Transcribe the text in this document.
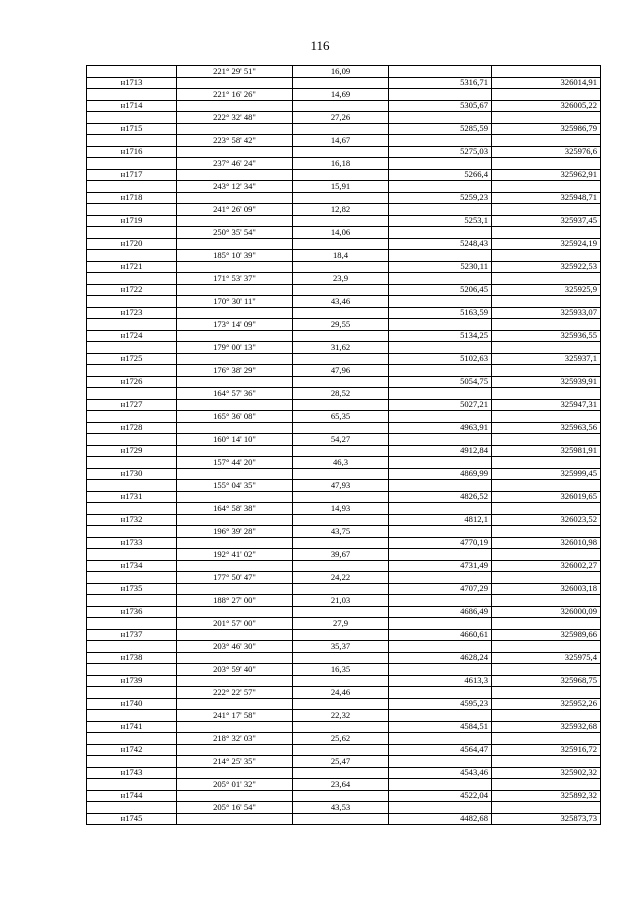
116
	221° 29' 51"	16,09		
н1713			5316,71	326014,91
	221° 16' 26"	14,69		
н1714			5305,67	326005,22
	222° 32' 48"	27,26		
н1715			5285,59	325986,79
	223° 58' 42"	14,67		
н1716			5275,03	325976,6
	237° 46' 24"	16,18		
н1717			5266,4	325962,91
	243° 12' 34"	15,91		
н1718			5259,23	325948,71
	241° 26' 09"	12,82		
н1719			5253,1	325937,45
	250° 35' 54"	14,06		
н1720			5248,43	325924,19
	185° 10' 39"	18,4		
н1721			5230,11	325922,53
	171° 53' 37"	23,9		
н1722			5206,45	325925,9
	170° 30' 11"	43,46		
н1723			5163,59	325933,07
	173° 14' 09"	29,55		
н1724			5134,25	325936,55
	179° 00' 13"	31,62		
н1725			5102,63	325937,1
	176° 38' 29"	47,96		
н1726			5054,75	325939,91
	164° 57' 36"	28,52		
н1727			5027,21	325947,31
	165° 36' 08"	65,35		
н1728			4963,91	325963,56
	160° 14' 10"	54,27		
н1729			4912,84	325981,91
	157° 44' 20"	46,3		
н1730			4869,99	325999,45
	155° 04' 35"	47,93		
н1731			4826,52	326019,65
	164° 58' 38"	14,93		
н1732			4812,1	326023,52
	196° 39' 28"	43,75		
н1733			4770,19	326010,98
	192° 41' 02"	39,67		
н1734			4731,49	326002,27
	177° 50' 47"	24,22		
н1735			4707,29	326003,18
	188° 27' 00"	21,03		
н1736			4686,49	326000,09
	201° 57' 00"	27,9		
н1737			4660,61	325989,66
	203° 46' 30"	35,37		
н1738			4628,24	325975,4
	203° 59' 40"	16,35		
н1739			4613,3	325968,75
	222° 22' 57"	24,46		
н1740			4595,23	325952,26
	241° 17' 58"	22,32		
н1741			4584,51	325932,68
	218° 32' 03"	25,62		
н1742			4564,47	325916,72
	214° 25' 35"	25,47		
н1743			4543,46	325902,32
	205° 01' 32"	23,64		
н1744			4522,04	325892,32
	205° 16' 54"	43,53		
н1745			4482,68	325873,73
